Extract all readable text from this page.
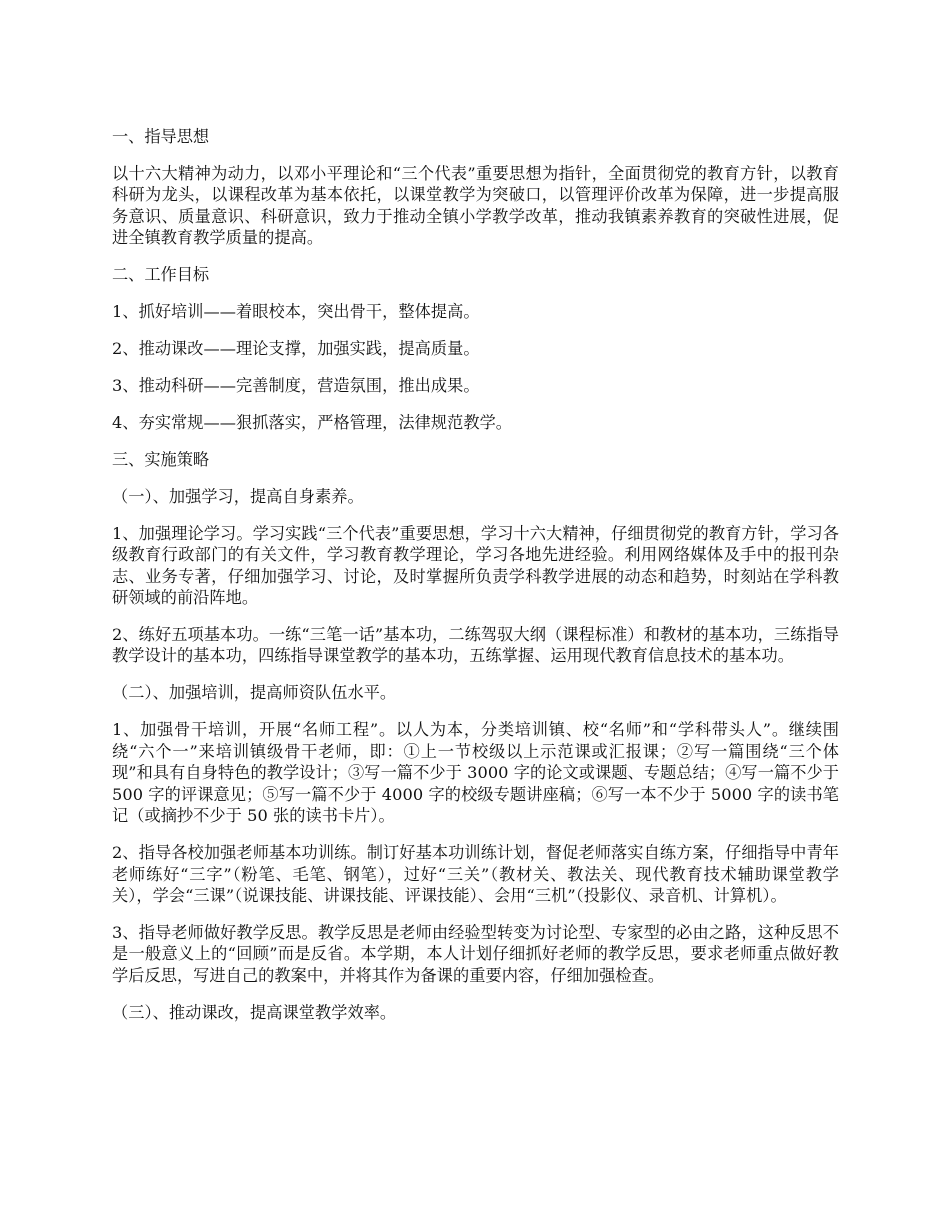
一、指导思想

以十六大精神为动力，以邓小平理论和“三个代表”重要思想为指针，全面贯彻党的教育方针，以教育科研为龙头，以课程改革为基本依托，以课堂教学为突破口，以管理评价改革为保障，进一步提高服务意识、质量意识、科研意识，致力于推动全镇小学教学改革，推动我镇素养教育的突破性进展，促进全镇教育教学质量的提高。

二、工作目标

1、抓好培训——着眼校本，突出骨干，整体提高。

2、推动课改——理论支撑，加强实践，提高质量。

3、推动科研——完善制度，营造氛围，推出成果。

4、夯实常规——狠抓落实，严格管理，法律规范教学。

三、实施策略

（一）、加强学习，提高自身素养。

1、加强理论学习。学习实践“三个代表”重要思想，学习十六大精神，仔细贯彻党的教育方针，学习各级教育行政部门的有关文件，学习教育教学理论，学习各地先进经验。利用网络媒体及手中的报刊杂志、业务专著，仔细加强学习、讨论，及时掌握所负责学科教学进展的动态和趋势，时刻站在学科教研领域的前沿阵地。

2、练好五项基本功。一练“三笔一话”基本功，二练驾驭大纲（课程标准）和教材的基本功，三练指导教学设计的基本功，四练指导课堂教学的基本功，五练掌握、运用现代教育信息技术的基本功。

（二）、加强培训，提高师资队伍水平。

1、加强骨干培训，开展“名师工程”。以人为本，分类培训镇、校“名师”和“学科带头人”。继续围绕“六个一”来培训镇级骨干老师，即：①上一节校级以上示范课或汇报课；②写一篇围绕“三个体现”和具有自身特色的教学设计；③写一篇不少于 3000 字的论文或课题、专题总结；④写一篇不少于 500 字的评课意见；⑤写一篇不少于 4000 字的校级专题讲座稿；⑥写一本不少于 5000 字的读书笔记（或摘抄不少于 50 张的读书卡片）。

2、指导各校加强老师基本功训练。制订好基本功训练计划，督促老师落实自练方案，仔细指导中青年老师练好“三字”（粉笔、毛笔、钢笔），过好“三关”（教材关、教法关、现代教育技术辅助课堂教学关），学会“三课”（说课技能、讲课技能、评课技能）、会用“三机”（投影仪、录音机、计算机）。

3、指导老师做好教学反思。教学反思是老师由经验型转变为讨论型、专家型的必由之路，这种反思不是一般意义上的“回顾”而是反省。本学期，本人计划仔细抓好老师的教学反思，要求老师重点做好教学后反思，写进自己的教案中，并将其作为备课的重要内容，仔细加强检查。

（三）、推动课改，提高课堂教学效率。
